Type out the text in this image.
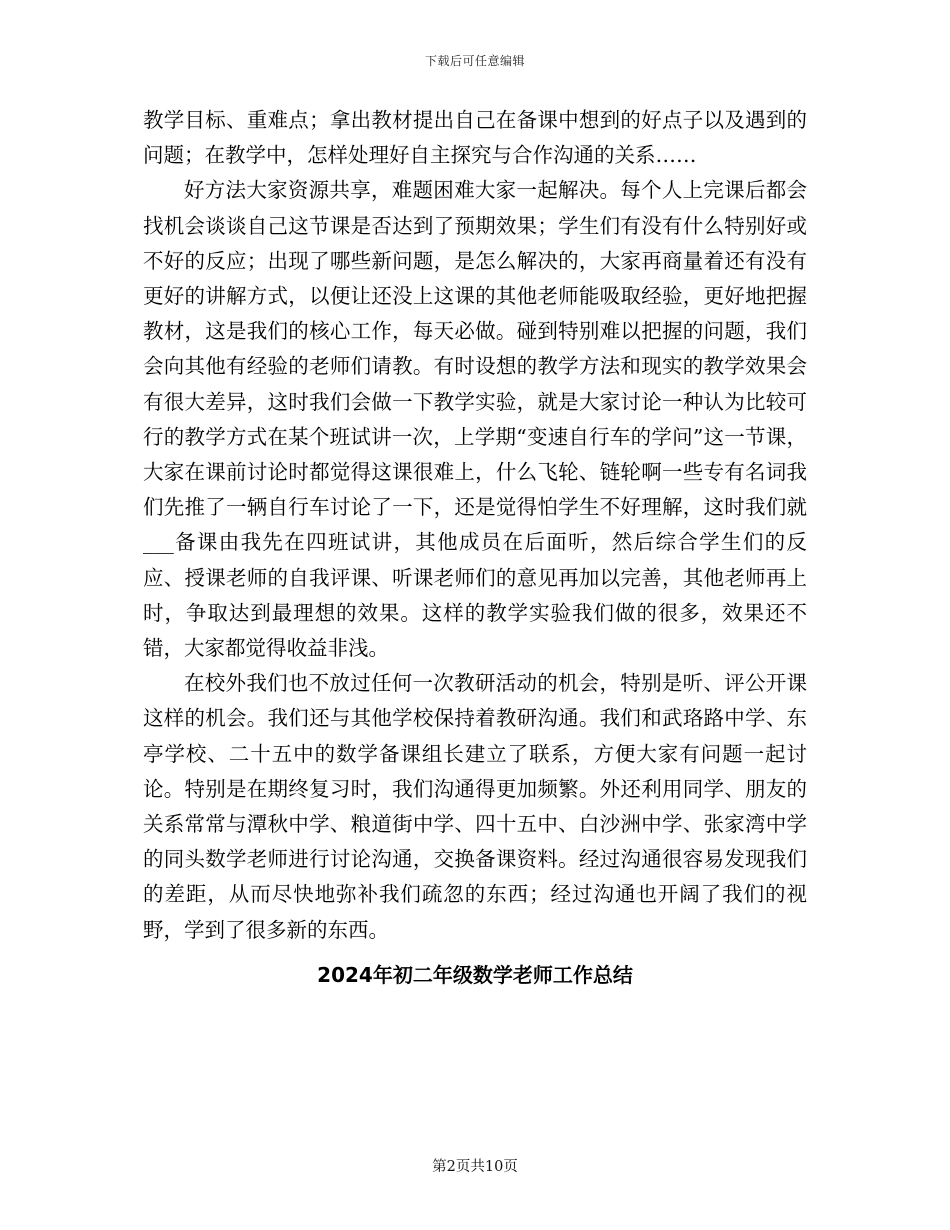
下载后可任意编辑

教学目标、重难点；拿出教材提出自己在备课中想到的好点子以及遇到的问题；在教学中，怎样处理好自主探究与合作沟通的关系……

好方法大家资源共享，难题困难大家一起解决。每个人上完课后都会找机会谈谈自己这节课是否达到了预期效果；学生们有没有什么特别好或不好的反应；出现了哪些新问题，是怎么解决的，大家再商量着还有没有更好的讲解方式，以便让还没上这课的其他老师能吸取经验，更好地把握教材，这是我们的核心工作，每天必做。碰到特别难以把握的问题，我们会向其他有经验的老师们请教。有时设想的教学方法和现实的教学效果会有很大差异，这时我们会做一下教学实验，就是大家讨论一种认为比较可行的教学方式在某个班试讲一次，上学期“变速自行车的学问”这一节课，大家在课前讨论时都觉得这课很难上，什么飞轮、链轮啊一些专有名词我们先推了一辆自行车讨论了一下，还是觉得怕学生不好理解，这时我们就___备课由我先在四班试讲，其他成员在后面听，然后综合学生们的反应、授课老师的自我评课、听课老师们的意见再加以完善，其他老师再上时，争取达到最理想的效果。这样的教学实验我们做的很多，效果还不错，大家都觉得收益非浅。

在校外我们也不放过任何一次教研活动的机会，特别是听、评公开课这样的机会。我们还与其他学校保持着教研沟通。我们和武珞路中学、东亭学校、二十五中的数学备课组长建立了联系，方便大家有问题一起讨论。特别是在期终复习时，我们沟通得更加频繁。外还利用同学、朋友的关系常常与潭秋中学、粮道街中学、四十五中、白沙洲中学、张家湾中学的同头数学老师进行讨论沟通，交换备课资料。经过沟通很容易发现我们的差距，从而尽快地弥补我们疏忽的东西；经过沟通也开阔了我们的视野，学到了很多新的东西。

2024年初二年级数学老师工作总结
第2页共10页
